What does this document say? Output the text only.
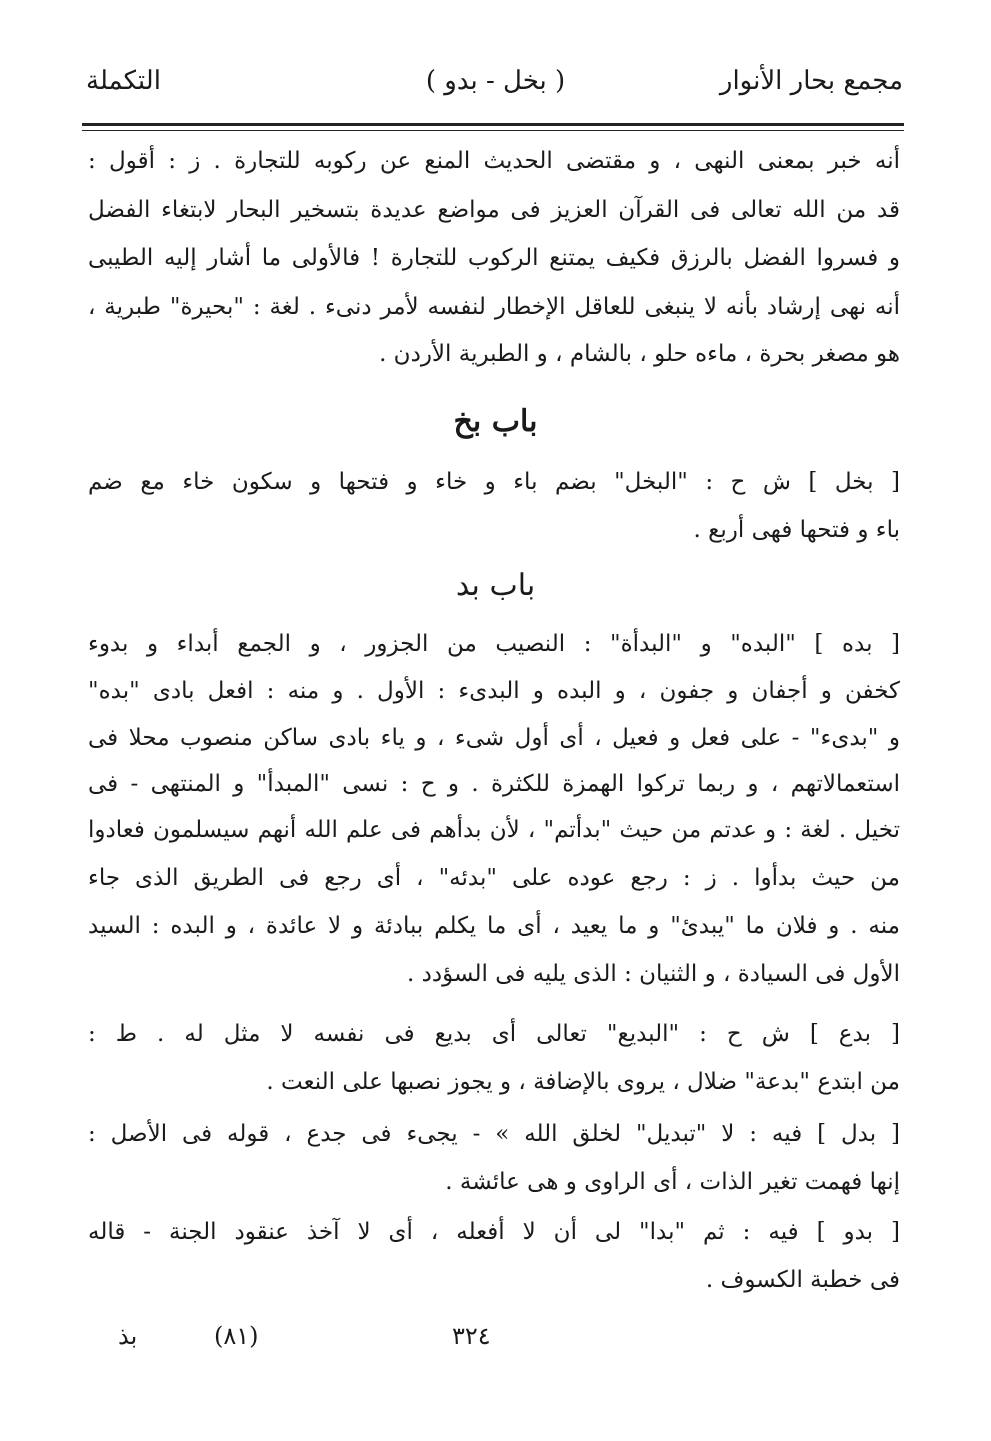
مجمع بحار الأنوار
( بخل - بدو )
التكملة
أنه خبر بمعنى النهى ، و مقتضى الحديث المنع عن ركوبه للتجارة . ز : أقول :
قد من الله تعالى فى القرآن العزيز فى مواضع عديدة بتسخير البحار لابتغاء الفضل
و فسروا الفضل بالرزق فكيف يمتنع الركوب للتجارة ! فالأولى ما أشار إليه الطيبى
أنه نهى إرشاد بأنه لا ينبغى للعاقل الإخطار لنفسه لأمر دنىء . لغة : "بحيرة" طبرية ،
هو مصغر بحرة ، ماءه حلو ، بالشام ، و الطبرية الأردن .
باب بخ
[ بخل ] ش ح : "البخل" بضم باء و خاء و فتحها و سكون خاء مع ضم
باء و فتحها فهى أربع .
باب بد
[ بده ] "البده" و "البدأة" : النصيب من الجزور ، و الجمع أبداء و بدوء
كخفن و أجفان و جفون ، و البده و البدىء : الأول . و منه : افعل بادى "بده"
و "بدىء" - على فعل و فعيل ، أى أول شىء ، و ياء بادى ساكن منصوب محلا فى
استعمالاتهم ، و ربما تركوا الهمزة للكثرة . و ح : نسى "المبدأ" و المنتهى - فى
تخيل . لغة : و عدتم من حيث "بدأتم" ، لأن بدأهم فى علم الله أنهم سيسلمون فعادوا
من حيث بدأوا . ز : رجع عوده على "بدئه" ، أى رجع فى الطريق الذى جاء
منه . و فلان ما "يبدئ" و ما يعيد ، أى ما يكلم ببادئة و لا عائدة ، و البده : السيد
الأول فى السيادة ، و الثنيان : الذى يليه فى السؤدد .
[ بدع ] ش ح : "البديع" تعالى أى بديع فى نفسه لا مثل له . ط :
من ابتدع "بدعة" ضلال ، يروى بالإضافة ، و يجوز نصبها على النعت .
[ بدل ] فيه : لا "تبديل" لخلق الله » - يجىء فى جدع ، قوله فى الأصل :
إنها فهمت تغير الذات ، أى الراوى و هى عائشة .
[ بدو ] فيه : ثم "بدا" لى أن لا أفعله ، أى لا آخذ عنقود الجنة - قاله
فى خطبة الكسوف .
بذ	(٨١)	٣٢٤
